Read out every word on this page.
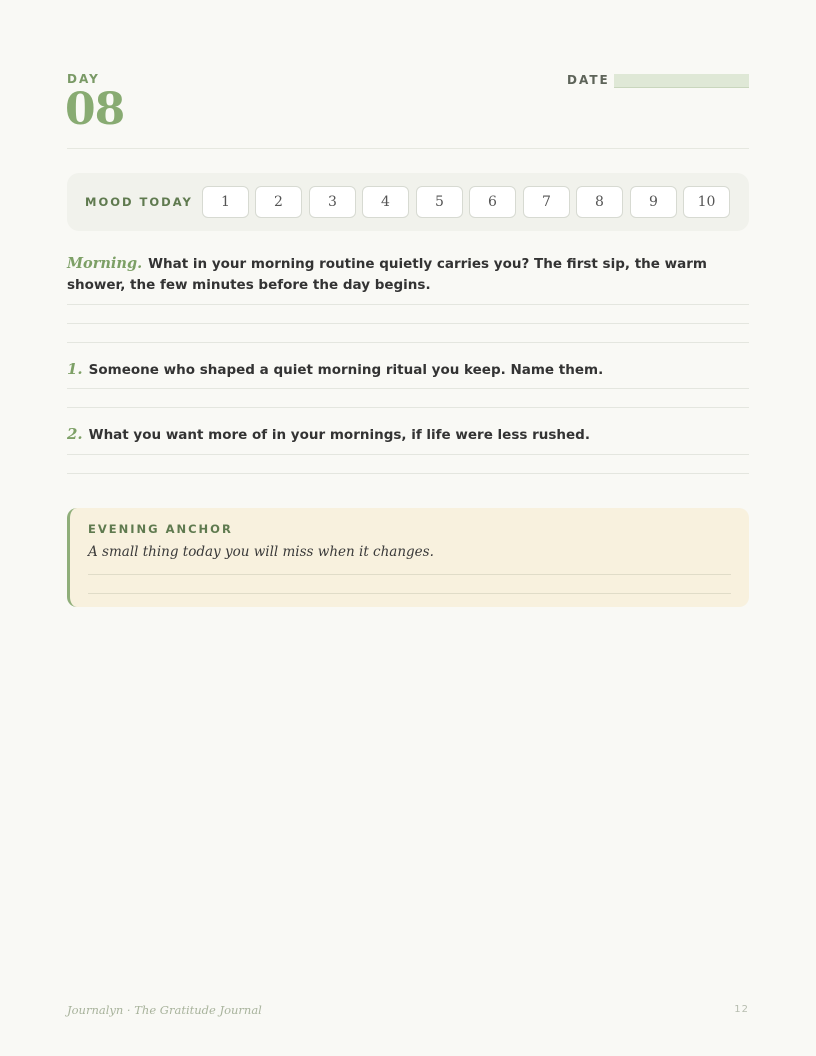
DAY
08
DATE
MOOD TODAY	1	2	3	4	5	6	7	8	9	10
Morning. What in your morning routine quietly carries you? The first sip, the warm shower, the few minutes before the day begins.
1. Someone who shaped a quiet morning ritual you keep. Name them.
2. What you want more of in your mornings, if life were less rushed.
EVENING ANCHOR
A small thing today you will miss when it changes.
Journalyn · The Gratitude Journal	12
